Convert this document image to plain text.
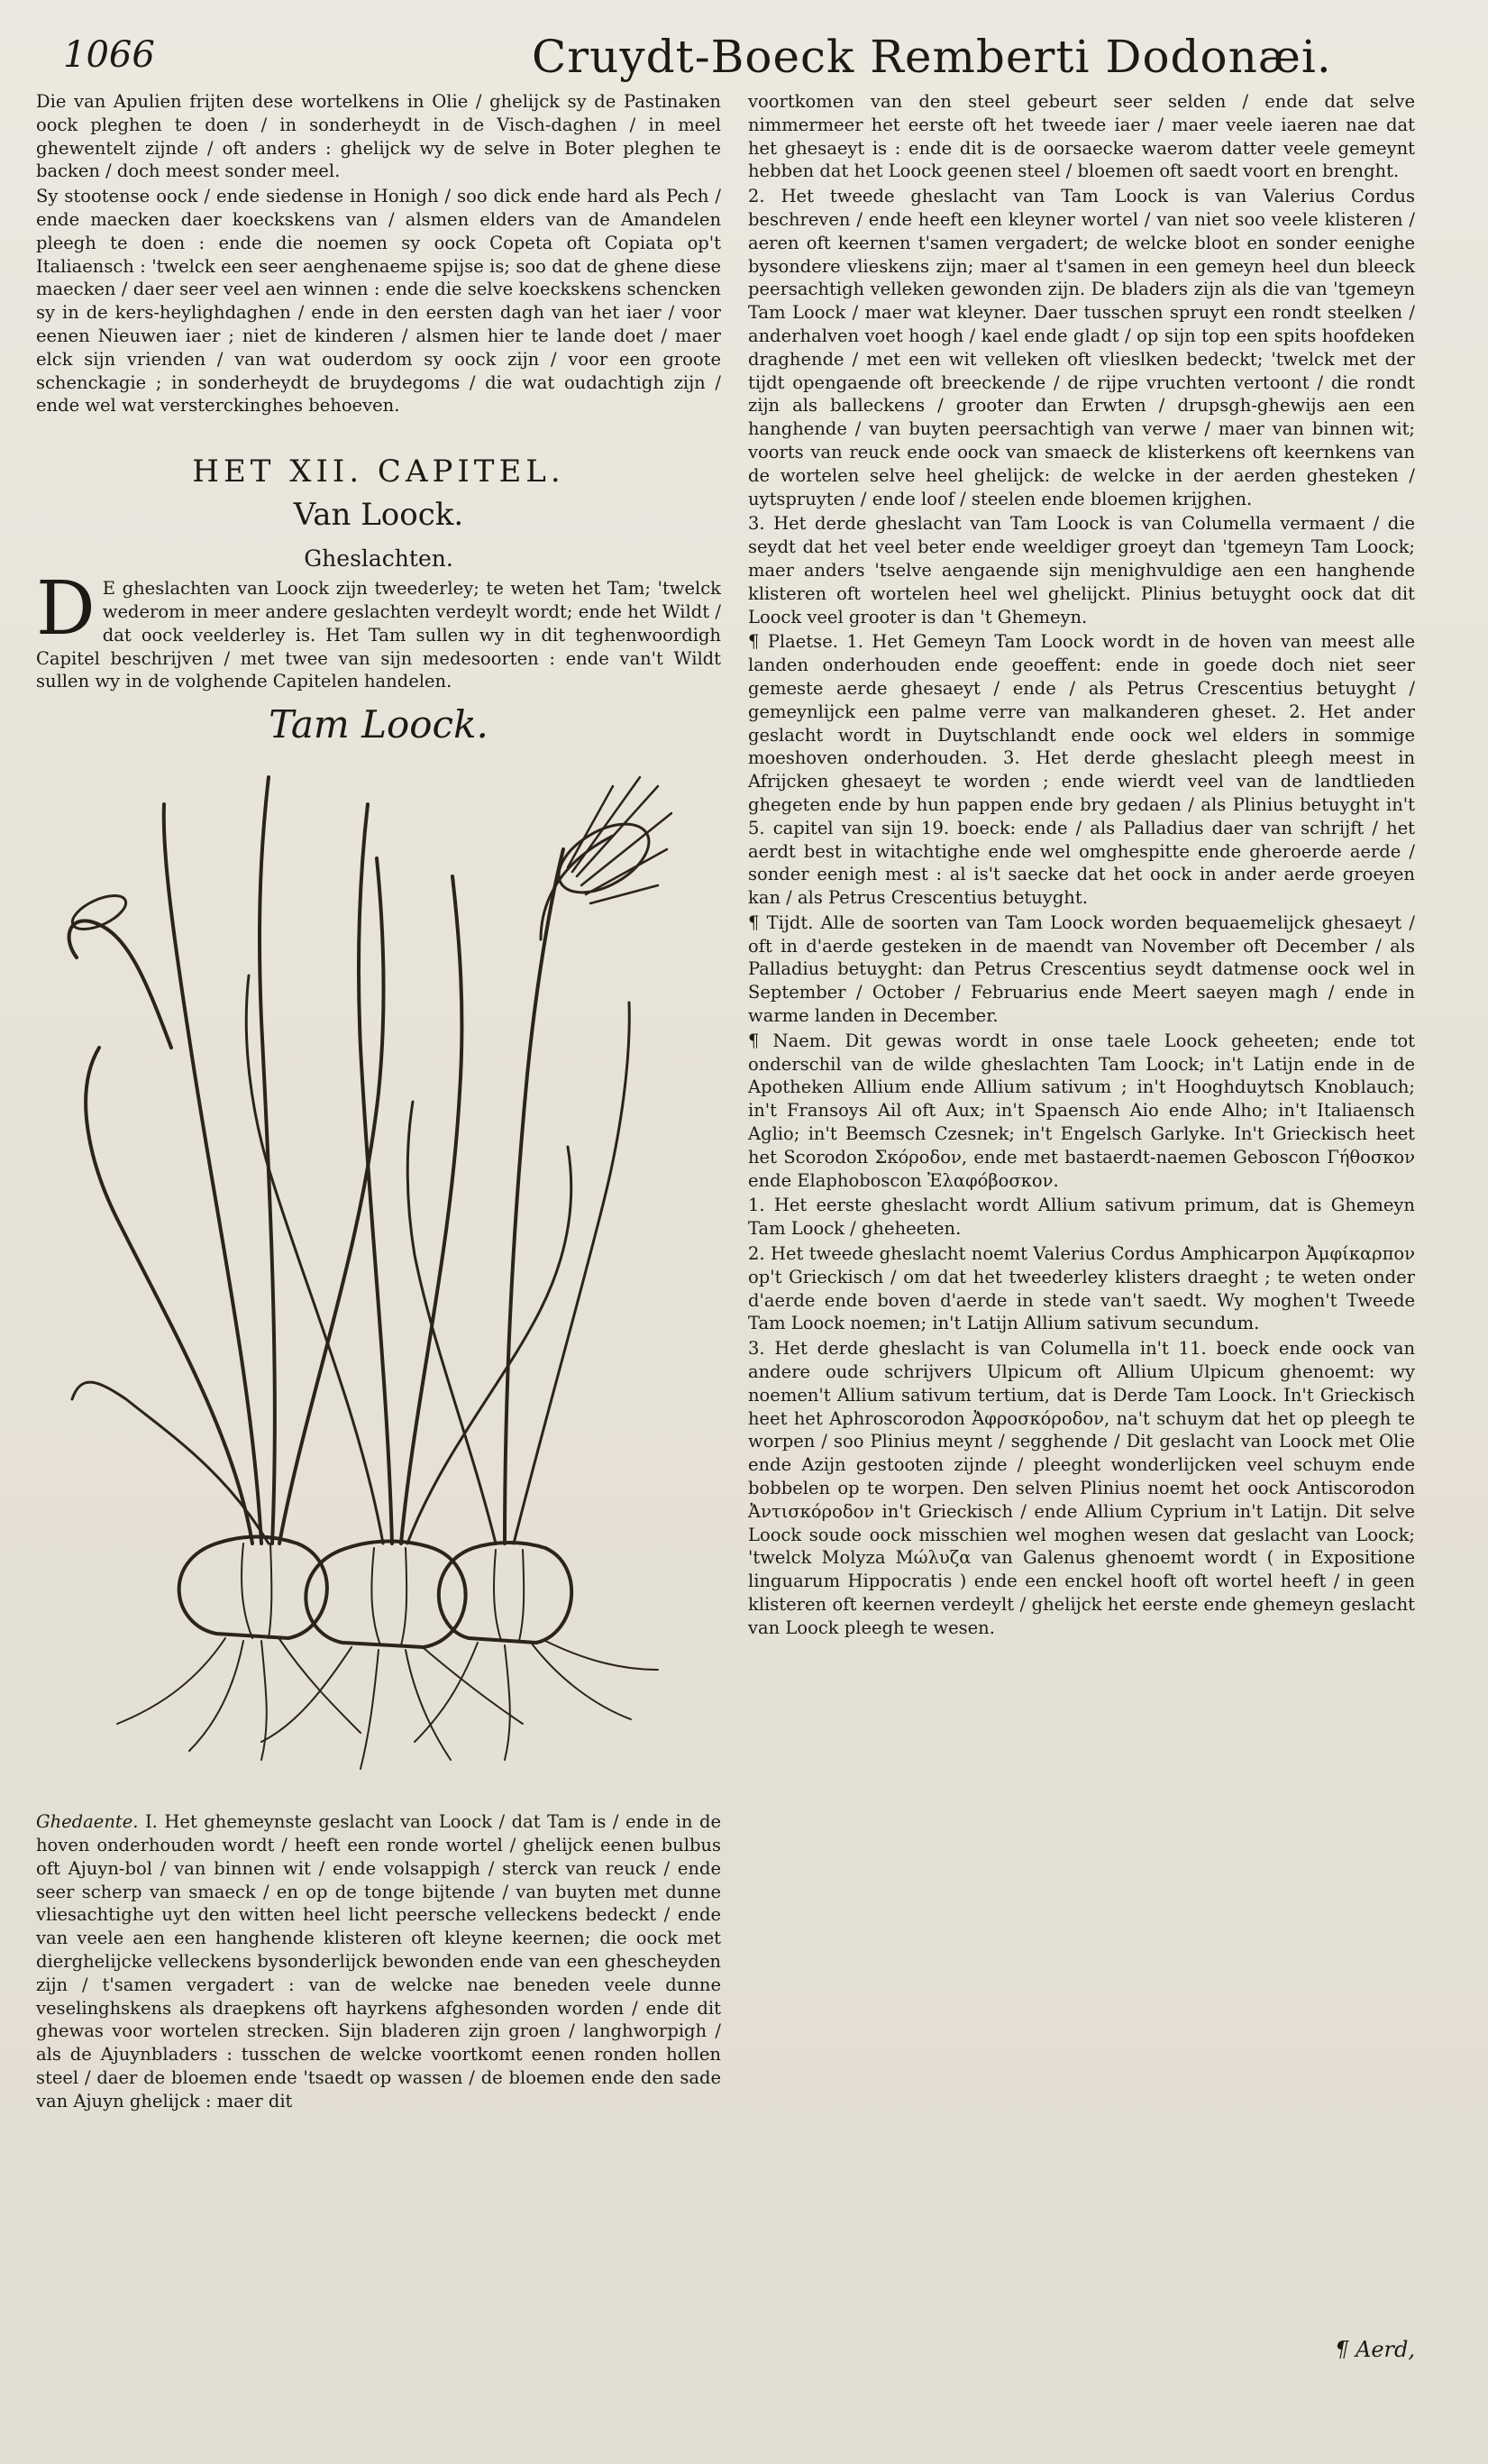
1066	Cruydt-Boeck Remberti Dodonæi.

Die van Apulien frijten dese wortelkens in Olie / ghelijck sy de Pastinaken oock pleghen te doen / in sonderheydt in de Visch-daghen / in meel ghewentelt zijnde / oft anders : ghelijck wy de selve in Boter pleghen te backen / doch meest sonder meel.

Sy stootense oock / ende siedense in Honigh / soo dick ende hard als Pech / ende maecken daer koeckskens van / alsmen elders van de Amandelen pleegh te doen : ende die noemen sy oock Copeta oft Copiata op't Italiaensch : 'twelck een seer aenghenaeme spijse is; soo dat de ghene diese maecken / daer seer veel aen winnen : ende die selve koeckskens schencken sy in de kers-heylighdaghen / ende in den eersten dagh van het iaer / voor eenen Nieuwen iaer ; niet de kinderen / alsmen hier te lande doet / maer elck sijn vrienden / van wat ouderdom sy oock zijn / voor een groote schenckagie ; in sonderheydt de bruydegoms / die wat oudachtigh zijn / ende wel wat versterckinghes behoeven.

HET XII. CAPITEL.
Van Loock.
Gheslachten.

D E gheslachten van Loock zijn tweederley; te weten het Tam; 'twelck wederom in meer andere geslachten verdeylt wordt; ende het Wildt / dat oock veelderley is. Het Tam sullen wy in dit teghenwoordigh Capitel beschrijven / met twee van sijn medesoorten : ende van't Wildt sullen wy in de volghende Capitelen handelen.

Tam Loock.

Ghedaente. I. Het ghemeynste geslacht van Loock / dat Tam is / ende in de hoven onderhouden wordt / heeft een ronde wortel / ghelijck eenen bulbus oft Ajuyn-bol / van binnen wit / ende volsappigh / sterck van reuck / ende seer scherp van smaeck / en op de tonge bijtende / van buyten met dunne vliesachtighe uyt den witten heel licht peersche velleckens bedeckt / ende van veele aen een hanghende klisteren oft kleyne keernen; die oock met dierghelijcke velleckens bysonderlijck bewonden ende van een ghescheyden zijn / t'samen vergadert : van de welcke nae beneden veele dunne veselinghskens als draepkens oft hayrkens afghesonden worden / ende dit ghewas voor wortelen strecken. Sijn bladeren zijn groen / langhworpigh / als de Ajuynbladers : tusschen de welcke voortkomt eenen ronden hollen steel / daer de bloemen ende 'tsaedt op wassen / de bloemen ende den sade van Ajuyn ghelijck : maer dit

voortkomen van den steel gebeurt seer selden / ende dat selve nimmermeer het eerste oft het tweede iaer / maer veele iaeren nae dat het ghesaeyt is : ende dit is de oorsaecke waerom datter veele gemeynt hebben dat het Loock geenen steel / bloemen oft saedt voort en brenght.

2. Het tweede gheslacht van Tam Loock is van Valerius Cordus beschreven / ende heeft een kleyner wortel / van niet soo veele klisteren / aeren oft keernen t'samen vergadert; de welcke bloot en sonder eenighe bysondere vlieskens zijn; maer al t'samen in een gemeyn heel dun bleeck peersachtigh velleken gewonden zijn. De bladers zijn als die van 'tgemeyn Tam Loock / maer wat kleyner. Daer tusschen spruyt een rondt steelken / anderhalven voet hoogh / kael ende gladt / op sijn top een spits hoofdeken draghende / met een wit velleken oft vlieslken bedeckt; 'twelck met der tijdt opengaende oft breeckende / de rijpe vruchten vertoont / die rondt zijn als balleckens / grooter dan Erwten / drupsgh-ghewijs aen een hanghende / van buyten peersachtigh van verwe / maer van binnen wit; voorts van reuck ende oock van smaeck de klisterkens oft keernkens van de wortelen selve heel ghelijck: de welcke in der aerden ghesteken / uytspruyten / ende loof / steelen ende bloemen krijghen.

3. Het derde gheslacht van Tam Loock is van Columella vermaent / die seydt dat het veel beter ende weeldiger groeyt dan 'tgemeyn Tam Loock; maer anders 'tselve aengaende sijn menighvuldige aen een hanghende klisteren oft wortelen heel wel ghelijckt. Plinius betuyght oock dat dit Loock veel grooter is dan 't Ghemeyn.

¶ Plaetse. 1. Het Gemeyn Tam Loock wordt in de hoven van meest alle landen onderhouden ende geoeffent: ende in goede doch niet seer gemeste aerde ghesaeyt / ende / als Petrus Crescentius betuyght / gemeynlijck een palme verre van malkanderen gheset. 2. Het ander geslacht wordt in Duytschlandt ende oock wel elders in sommige moeshoven onderhouden. 3. Het derde gheslacht pleegh meest in Afrijcken ghesaeyt te worden ; ende wierdt veel van de landtlieden ghegeten ende by hun pappen ende bry gedaen / als Plinius betuyght in't 5. capitel van sijn 19. boeck: ende / als Palladius daer van schrijft / het aerdt best in witachtighe ende wel omghespitte ende gheroerde aerde / sonder eenigh mest : al is't saecke dat het oock in ander aerde groeyen kan / als Petrus Crescentius betuyght.

¶ Tijdt. Alle de soorten van Tam Loock worden bequaemelijck ghesaeyt / oft in d'aerde gesteken in de maendt van November oft December / als Palladius betuyght: dan Petrus Crescentius seydt datmense oock wel in September / October / Februarius ende Meert saeyen magh / ende in warme landen in December.

¶ Naem. Dit gewas wordt in onse taele Loock geheeten; ende tot onderschil van de wilde gheslachten Tam Loock; in't Latijn ende in de Apotheken Allium ende Allium sativum ; in't Hooghduytsch Knoblauch; in't Fransoys Ail oft Aux; in't Spaensch Aio ende Alho; in't Italiaensch Aglio; in't Beemsch Czesnek; in't Engelsch Garlyke. In't Grieckisch heet het Scorodon Σκόροδον, ende met bastaerdt-naemen Geboscon Γήθοσκον ende Elaphoboscon Ἐλαφόβοσκον.

1. Het eerste gheslacht wordt Allium sativum primum, dat is Ghemeyn Tam Loock / gheheeten.

2. Het tweede gheslacht noemt Valerius Cordus Amphicarpon Ἀμφίκαρπον op't Grieckisch / om dat het tweederley klisters draeght ; te weten onder d'aerde ende boven d'aerde in stede van't saedt. Wy moghen't Tweede Tam Loock noemen; in't Latijn Allium sativum secundum.

3. Het derde gheslacht is van Columella in't 11. boeck ende oock van andere oude schrijvers Ulpicum oft Allium Ulpicum ghenoemt: wy noemen't Allium sativum tertium, dat is Derde Tam Loock. In't Grieckisch heet het Aphroscorodon Ἀφροσκόροδον, na't schuym dat het op pleegh te worpen / soo Plinius meynt / segghende / Dit geslacht van Loock met Olie ende Azijn gestooten zijnde / pleeght wonderlijcken veel schuym ende bobbelen op te worpen. Den selven Plinius noemt het oock Antiscorodon Ἀντισκόροδον in't Grieckisch / ende Allium Cyprium in't Latijn. Dit selve Loock soude oock misschien wel moghen wesen dat geslacht van Loock; 'twelck Molyza Μώλυζα van Galenus ghenoemt wordt ( in Expositione linguarum Hippocratis ) ende een enckel hooft oft wortel heeft / in geen klisteren oft keernen verdeylt / ghelijck het eerste ende ghemeyn geslacht van Loock pleegh te wesen.

¶ Aerd,
